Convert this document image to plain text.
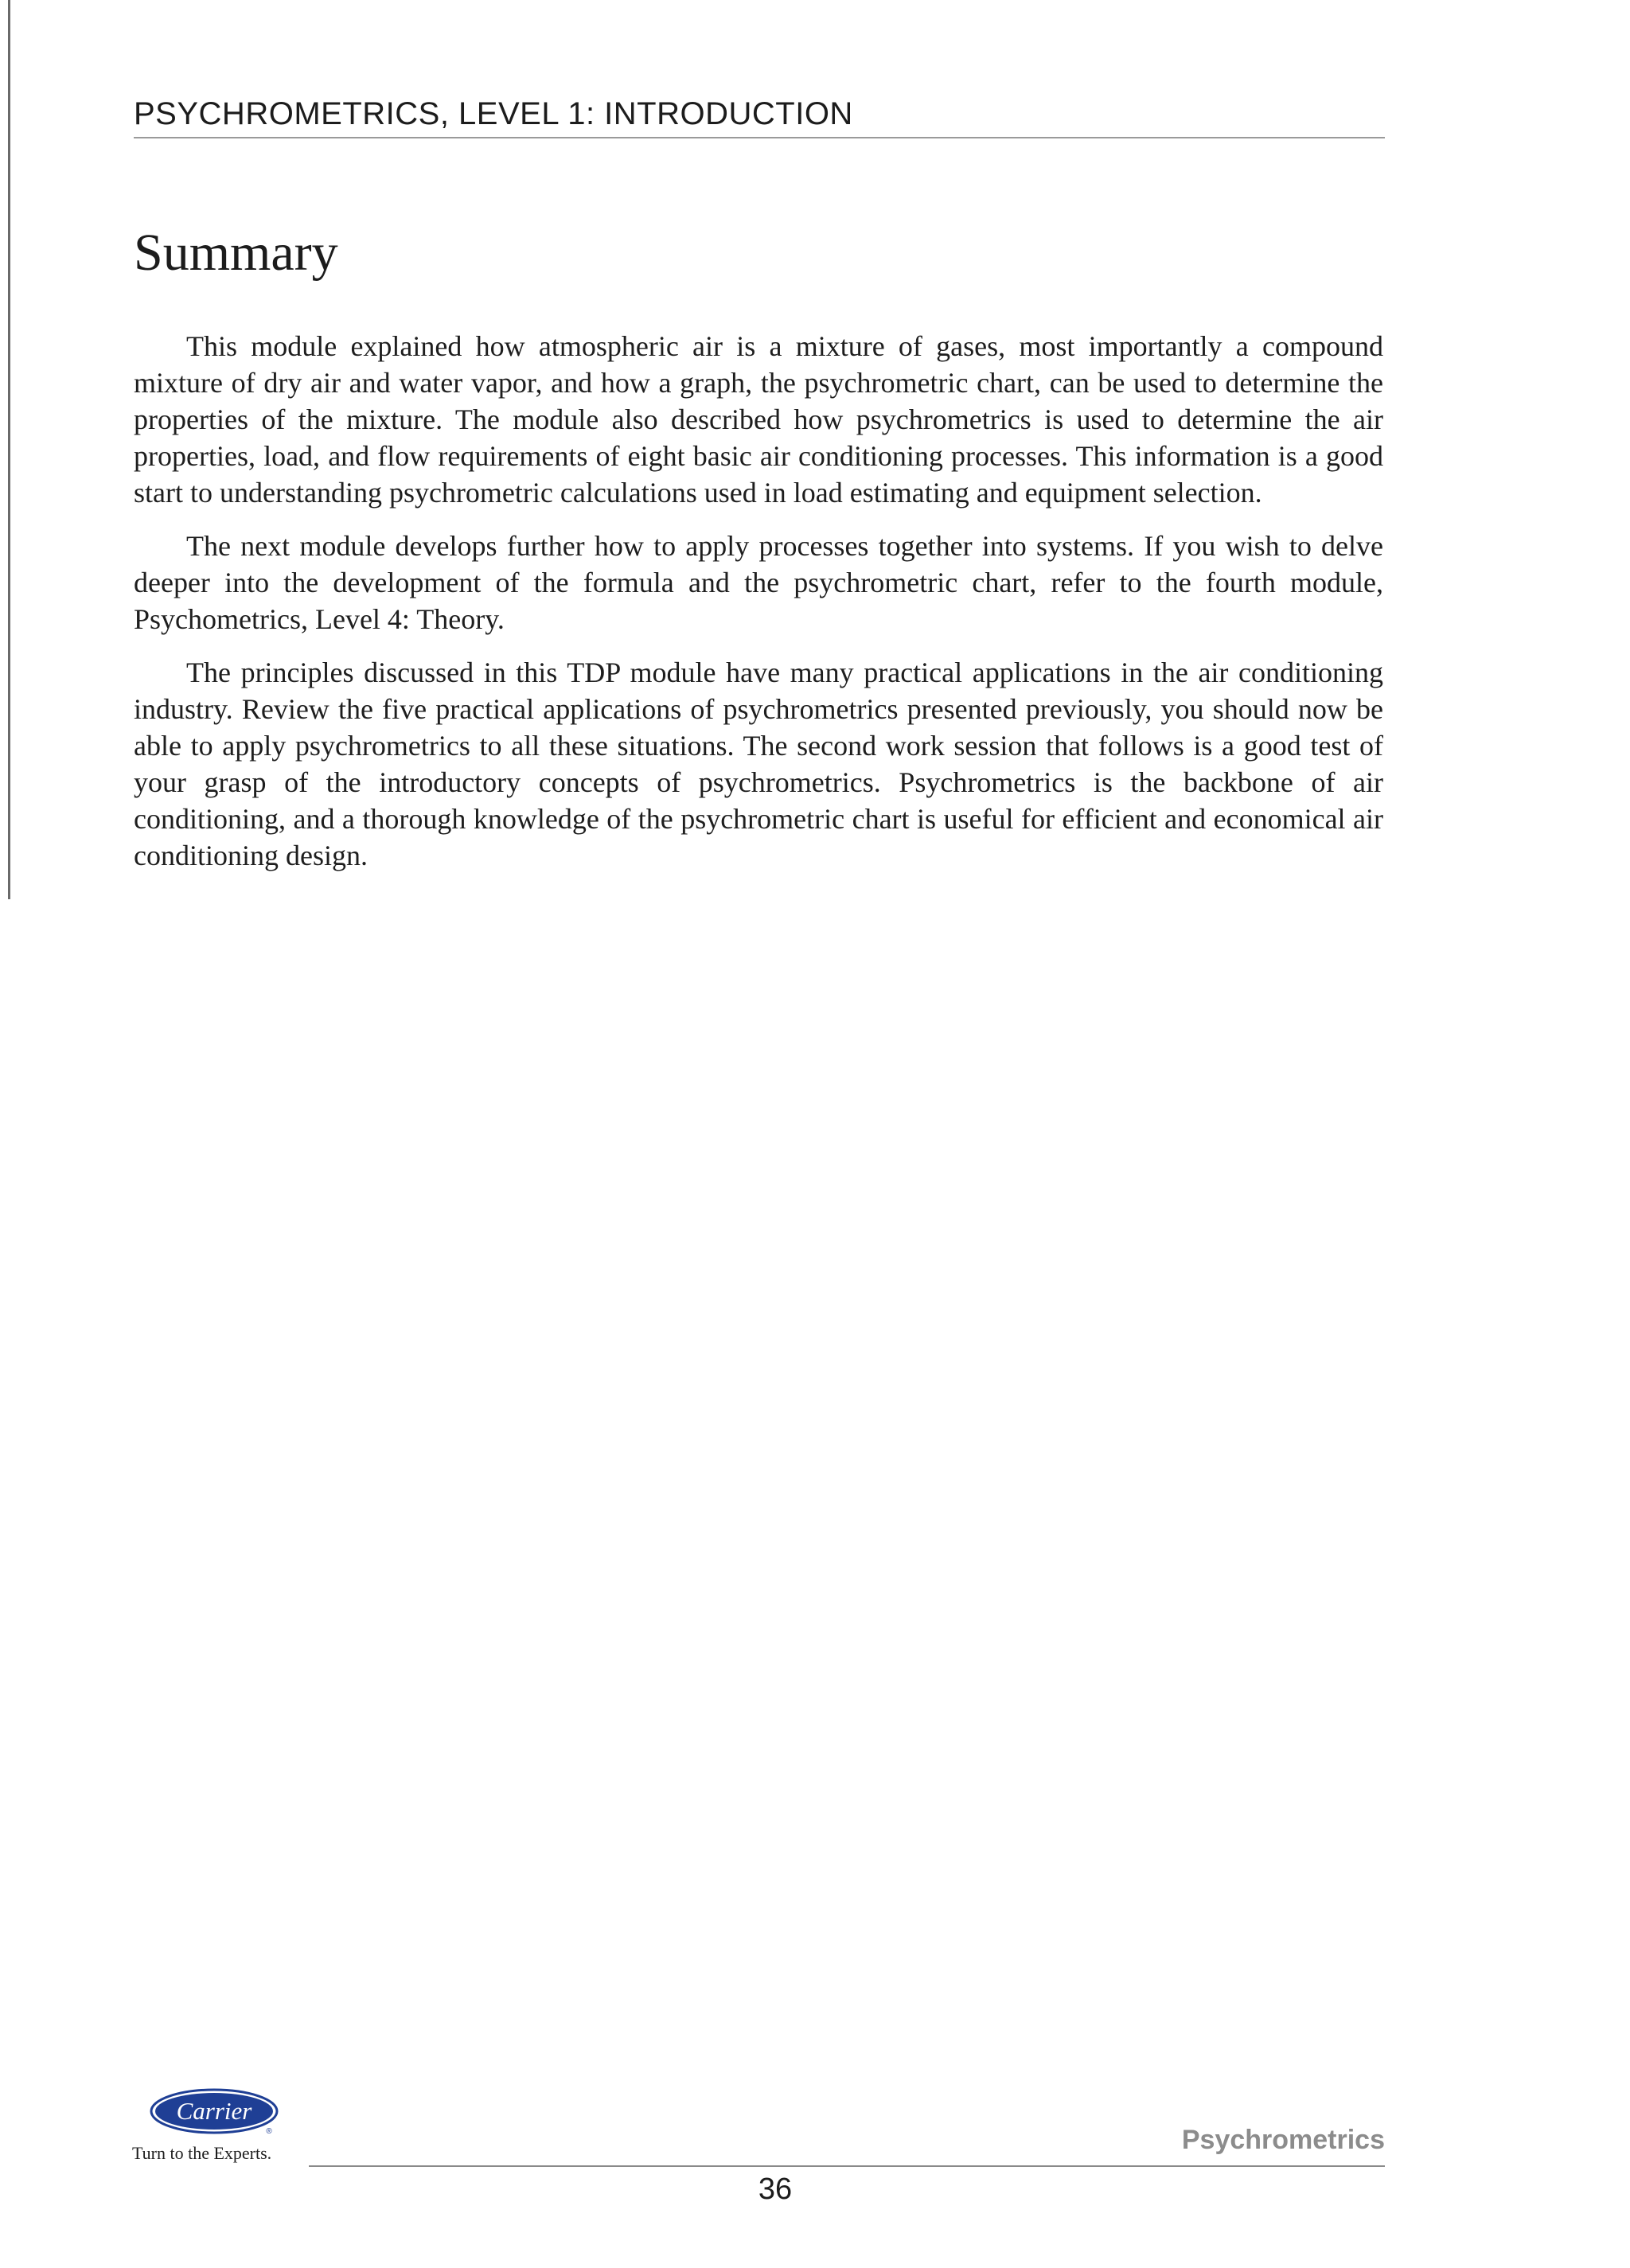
PSYCHROMETRICS, LEVEL 1: INTRODUCTION
Summary

This module explained how atmospheric air is a mixture of gases, most importantly a compound mixture of dry air and water vapor, and how a graph, the psychrometric chart, can be used to determine the properties of the mixture. The module also described how psychrometrics is used to determine the air properties, load, and flow requirements of eight basic air conditioning processes. This information is a good start to understanding psychrometric calculations used in load estimating and equipment selection.

The next module develops further how to apply processes together into systems. If you wish to delve deeper into the development of the formula and the psychrometric chart, refer to the fourth module, Psychometrics, Level 4: Theory.

The principles discussed in this TDP module have many practical applications in the air conditioning industry. Review the five practical applications of psychrometrics presented previously, you should now be able to apply psychrometrics to all these situations. The second work session that follows is a good test of your grasp of the introductory concepts of psychrometrics. Psychrometrics is the backbone of air conditioning, and a thorough knowledge of the psychrometric chart is useful for efficient and economical air conditioning design.

Carrier
®
Turn to the Experts.	Psychrometrics
36
